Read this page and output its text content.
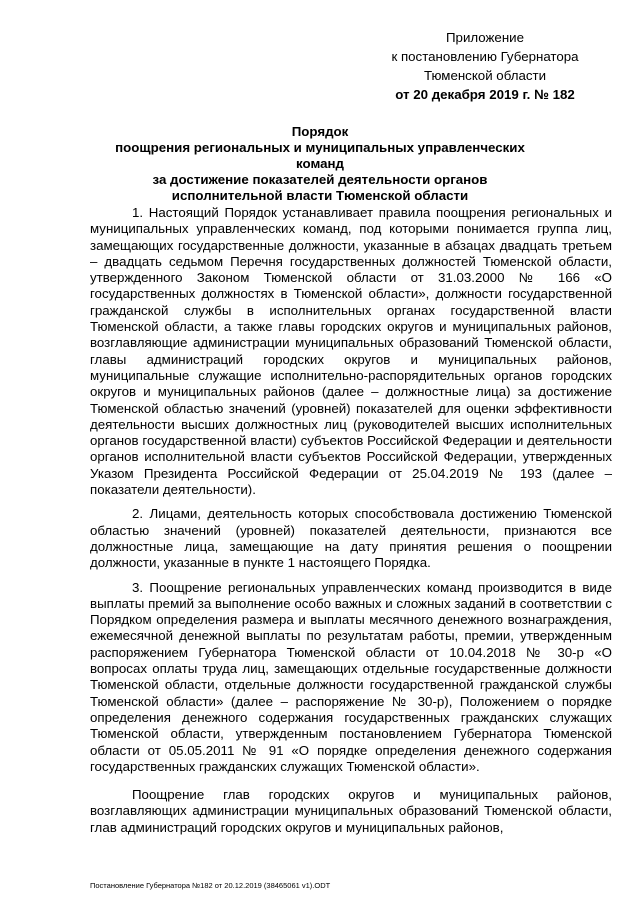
Приложение
к постановлению Губернатора
Тюменской области
от 20 декабря 2019 г. № 182
Порядок
поощрения региональных и муниципальных управленческих команд
за достижение показателей деятельности органов
исполнительной власти Тюменской области

1. Настоящий Порядок устанавливает правила поощрения региональных и муниципальных управленческих команд, под которыми понимается группа лиц, замещающих государственные должности, указанные в абзацах двадцать третьем – двадцать седьмом Перечня государственных должностей Тюменской области, утвержденного Законом Тюменской области от 31.03.2000 № 166 «О государственных должностях в Тюменской области», должности государственной гражданской службы в исполнительных органах государственной власти Тюменской области, а также главы городских округов и муниципальных районов, возглавляющие администрации муниципальных образований Тюменской области, главы администраций городских округов и муниципальных районов, муниципальные служащие исполнительно-распорядительных органов городских округов и муниципальных районов (далее – должностные лица) за достижение Тюменской областью значений (уровней) показателей для оценки эффективности деятельности высших должностных лиц (руководителей высших исполнительных органов государственной власти) субъектов Российской Федерации и деятельности органов исполнительной власти субъектов Российской Федерации, утвержденных Указом Президента Российской Федерации от 25.04.2019 № 193 (далее – показатели деятельности).

2. Лицами, деятельность которых способствовала достижению Тюменской областью значений (уровней) показателей деятельности, признаются все должностные лица, замещающие на дату принятия решения о поощрении должности, указанные в пункте 1 настоящего Порядка.

3. Поощрение региональных управленческих команд производится в виде выплаты премий за выполнение особо важных и сложных заданий в соответствии с Порядком определения размера и выплаты месячного денежного вознаграждения, ежемесячной денежной выплаты по результатам работы, премии, утвержденным распоряжением Губернатора Тюменской области от 10.04.2018 № 30-р «О вопросах оплаты труда лиц, замещающих отдельные государственные должности Тюменской области, отдельные должности государственной гражданской службы Тюменской области» (далее – распоряжение № 30-р), Положением о порядке определения денежного содержания государственных гражданских служащих Тюменской области, утвержденным постановлением Губернатора Тюменской области от 05.05.2011 № 91 «О порядке определения денежного содержания государственных гражданских служащих Тюменской области».

Поощрение глав городских округов и муниципальных районов, возглавляющих администрации муниципальных образований Тюменской области, глав администраций городских округов и муниципальных районов,

Постановление Губернатора №182 от 20.12.2019 (38465061 v1).ODT
